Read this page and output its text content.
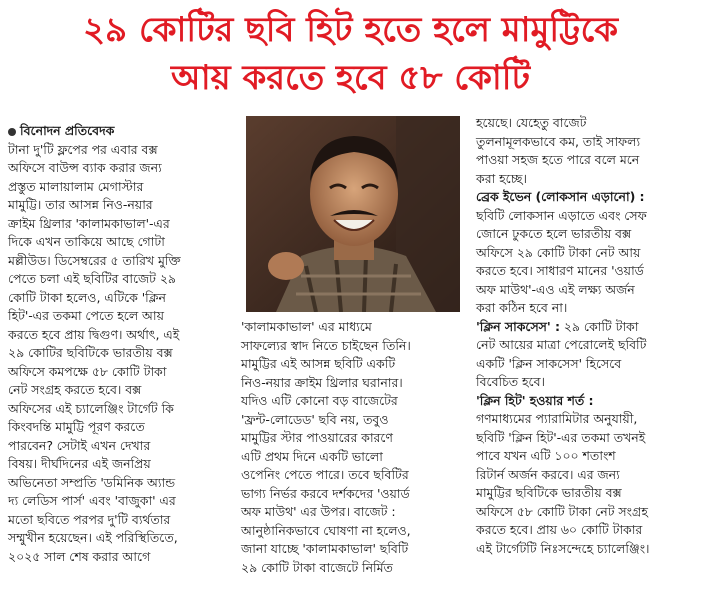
২৯ কোটির ছবি হিট হতে হলে মামুট্টিকে
আয় করতে হবে ৫৮ কোটি

বিনোদন প্রতিবেদক

টানা দু'টি ফ্লপের পর এবার বক্স

অফিসে বাউন্স ব্যাক করার জন্য

প্রস্তুত মালায়ালাম মেগাস্টার

মামুট্টি। তার আসন্ন নিও-নয়ার

ক্রাইম থ্রিলার 'কালামকাভাল'-এর

দিকে এখন তাকিয়ে আছে গোটা

মল্লীউড। ডিসেম্বরের ৫ তারিখ মুক্তি

পেতে চলা এই ছবিটির বাজেট ২৯

কোটি টাকা হলেও, এটিকে 'ক্লিন

হিট'-এর তকমা পেতে হলে আয়

করতে হবে প্রায় দ্বিগুণ। অর্থাৎ, এই

২৯ কোটির ছবিটিকে ভারতীয় বক্স

অফিসে কমপক্ষে ৫৮ কোটি টাকা

নেট সংগ্রহ করতে হবে। বক্স

অফিসের এই চ্যালেঞ্জিং টার্গেট কি

কিংবদন্তি মামুট্টি পূরণ করতে

পারবেন? সেটাই এখন দেখার

বিষয়। দীর্ঘদিনের এই জনপ্রিয়

অভিনেতা সম্প্রতি 'ডমিনিক অ্যান্ড

দ্য লেডিস পার্স' এবং 'বাজুকা' এর

মতো ছবিতে পরপর দু'টি ব্যর্থতার

সম্মুখীন হয়েছেন। এই পরিস্থিতিতে,

২০২৫ সাল শেষ করার আগে

'কালামকাভাল' এর মাধ্যমে

সাফল্যের স্বাদ নিতে চাইছেন তিনি।

মামুট্টির এই আসন্ন ছবিটি একটি

নিও-নয়ার ক্রাইম থ্রিলার ঘরানার।

যদিও এটি কোনো বড় বাজেটের

'ফ্রন্ট-লোডেড' ছবি নয়, তবুও

মামুট্টির স্টার পাওয়ারের কারণে

এটি প্রথম দিনে একটি ভালো

ওপেনিং পেতে পারে। তবে ছবিটির

ভাগ্য নির্ভর করবে দর্শকদের 'ওয়ার্ড

অফ মাউথ' এর উপর। বাজেট :

আনুষ্ঠানিকভাবে ঘোষণা না হলেও,

জানা যাচ্ছে 'কালামকাভাল' ছবিটি

২৯ কোটি টাকা বাজেটে নির্মিত

হয়েছে। যেহেতু বাজেট

তুলনামূলকভাবে কম, তাই সাফল্য

পাওয়া সহজ হতে পারে বলে মনে

করা হচ্ছে।

ব্রেক ইভেন (লোকসান এড়ানো) :

ছবিটি লোকসান এড়াতে এবং সেফ

জোনে ঢুকতে হলে ভারতীয় বক্স

অফিসে ২৯ কোটি টাকা নেট আয়

করতে হবে। সাধারণ মানের 'ওয়ার্ড

অফ মাউথ'-এও এই লক্ষ্য অর্জন

করা কঠিন হবে না।

'ক্লিন সাকসেস' : ২৯ কোটি টাকা

নেট আয়ের মাত্রা পেরোলেই ছবিটি

একটি 'ক্লিন সাকসেস' হিসেবে

বিবেচিত হবে।

'ক্লিন হিট' হওয়ার শর্ত :

গণমাধ্যমের প্যারামিটার অনুযায়ী,

ছবিটি 'ক্লিন হিট'-এর তকমা তখনই

পাবে যখন এটি ১০০ শতাংশ

রিটার্ন অর্জন করবে। এর জন্য

মামুট্টির ছবিটিকে ভারতীয় বক্স

অফিসে ৫৮ কোটি টাকা নেট সংগ্রহ

করতে হবে। প্রায় ৬০ কোটি টাকার

এই টার্গেটটি নিঃসন্দেহে চ্যালেঞ্জিং।
